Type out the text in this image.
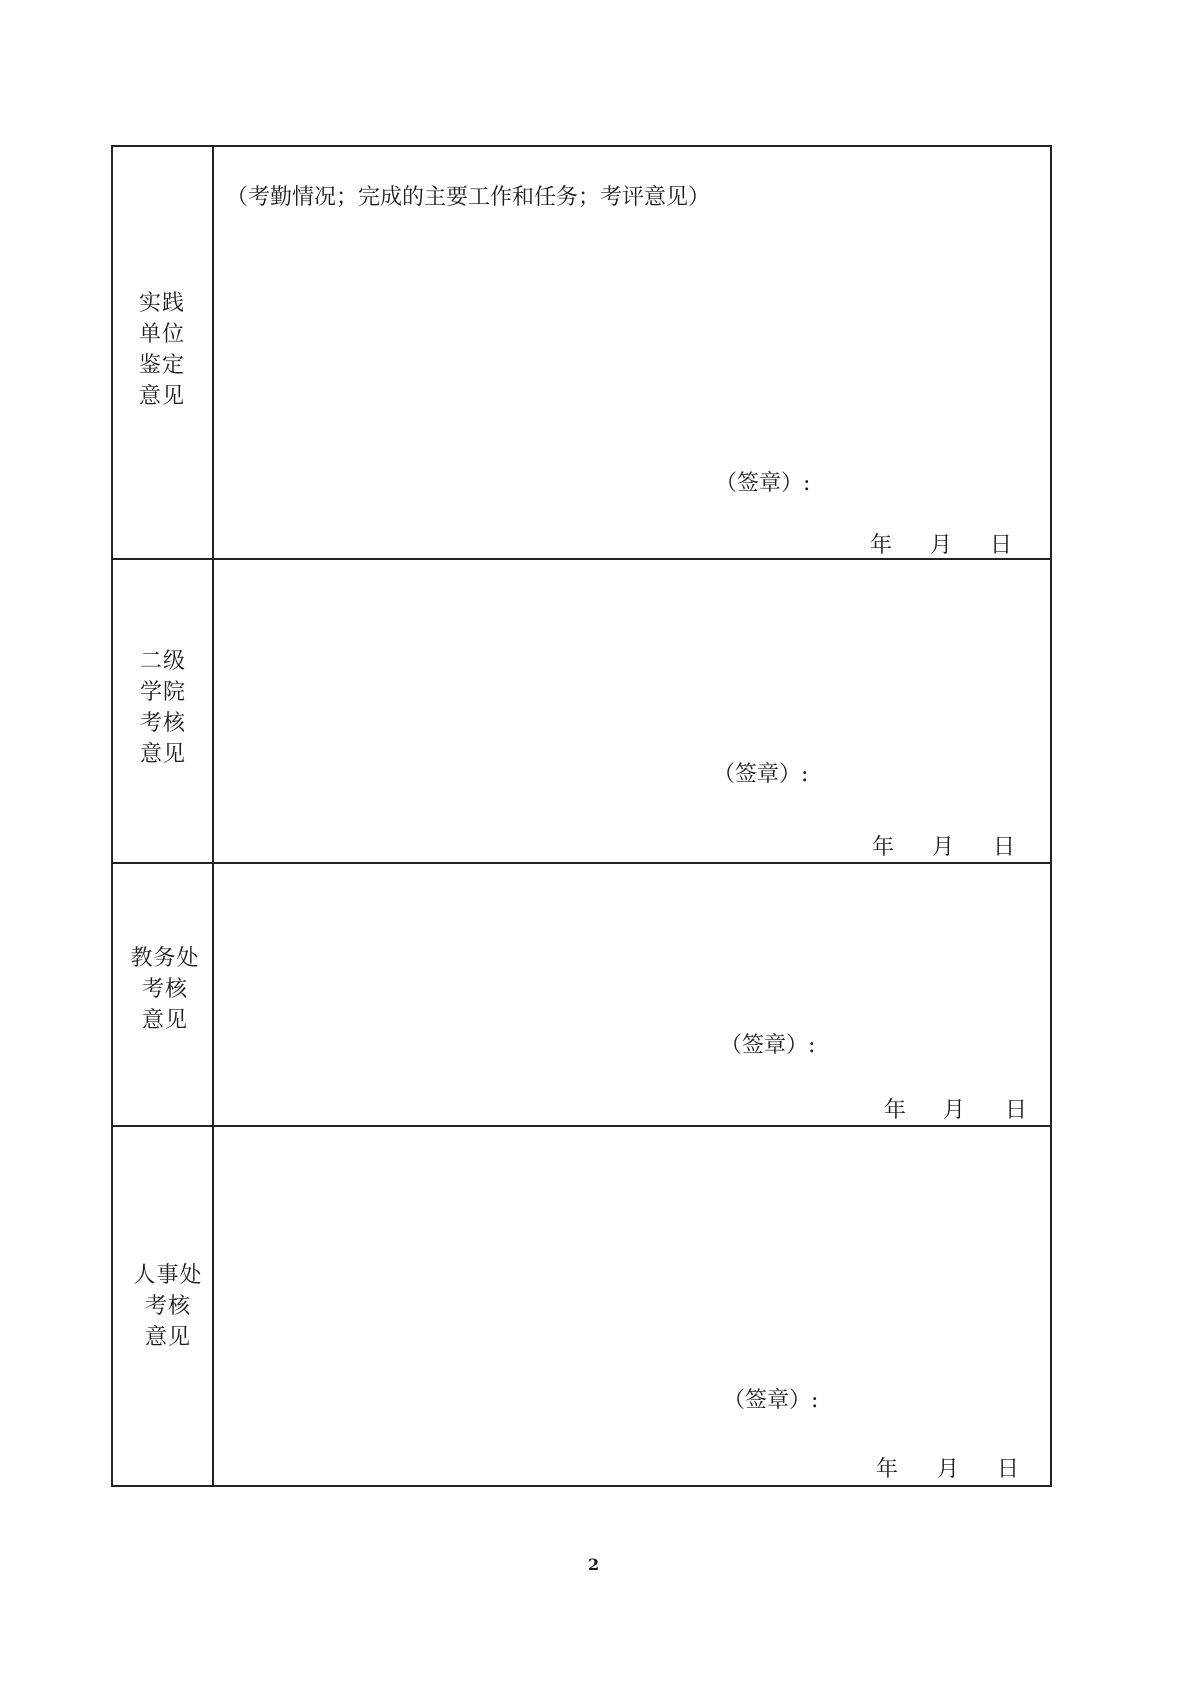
实践
单位
鉴定
意见
（考勤情况；完成的主要工作和任务；考评意见）
（签章）:
年 月 日
二级
学院
考核
意见
（签章）:
年 月 日
教务处
考核
意见
（签章）:
年 月 日
人事处
考核
意见
（签章）:
年 月 日
2
